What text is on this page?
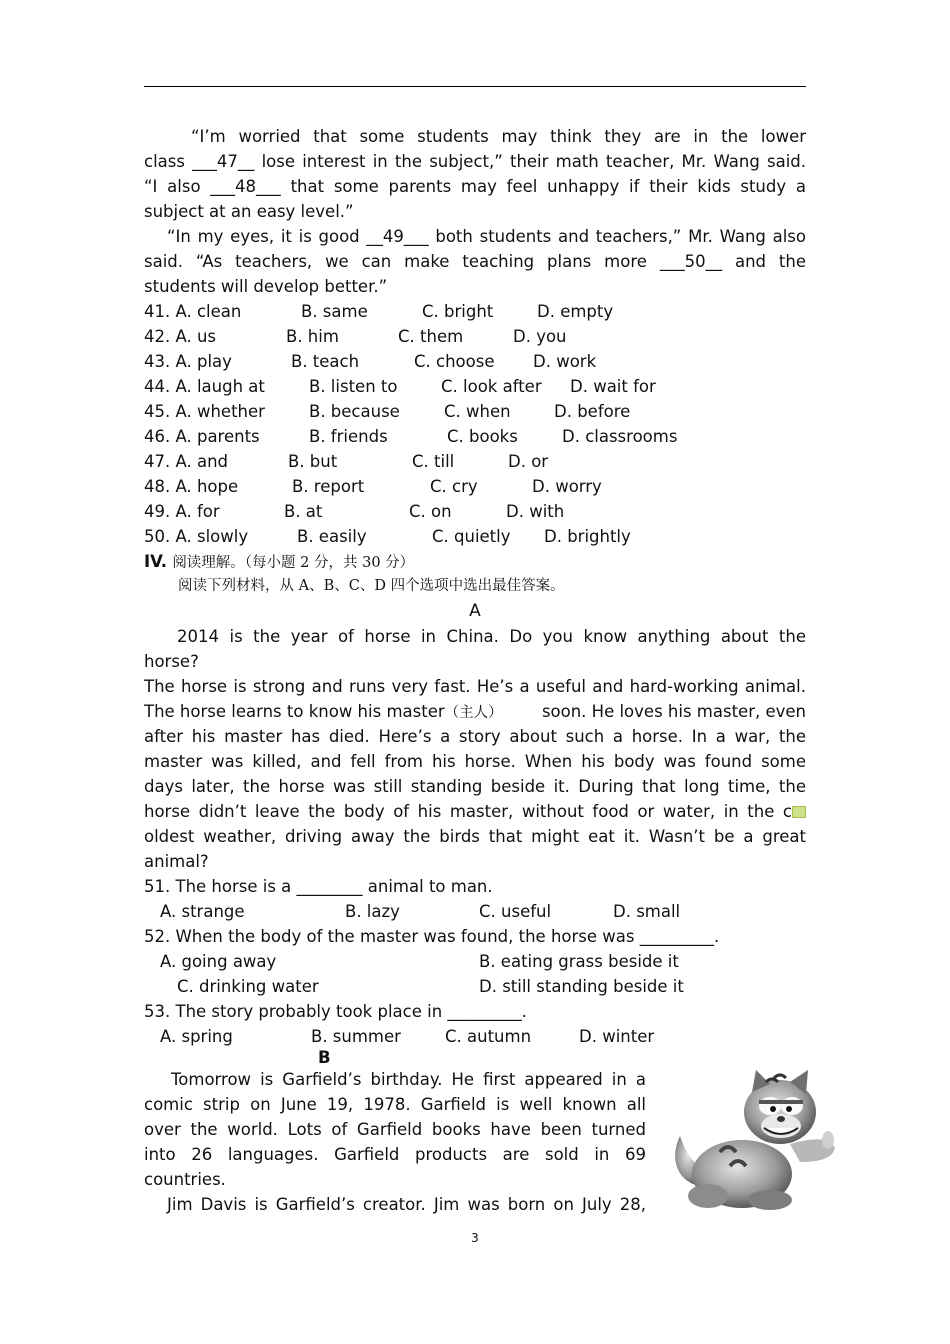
“I’m worried that some students may think they are in the lower
class ___47__ lose interest in the subject,” their math teacher, Mr. Wang said.
“I also ___48___ that some parents may feel unhappy if their kids study a
subject at an easy level.”
“In my eyes, it is good __49___ both students and teachers,” Mr. Wang also
said. “As teachers, we can make teaching plans more ___50__ and the
students will develop better.”
41. A. clean	B. same	C. bright	D. empty
42. A. us	B. him	C. them	D. you
43. A. play	B. teach	C. choose D. work
44. A. laugh at	B. listen to	C. look after D. wait for
45. A. whether	B. because	C. when	D. before
46. A. parents	B. friends	C. books	D. classrooms
47. A. and	B. but	C. till	D. or
48. A. hope	B. report	C. cry	D. worry
49. A. for	B. at	C. on	D. with
50. A. slowly	B. easily	C. quietly D. brightly
IV. 阅读理解。（每小题 2 分，共 30 分）
阅读下列材料，从 A、B、C、D 四个选项中选出最佳答案。
A
2014 is the year of horse in China. Do you know anything about the
horse?
The horse is strong and runs very fast. He’s a useful and hard-working animal.
The horse learns to know his master（主人） soon. He loves his master, even
after his master has died. Here’s a story about such a horse. In a war, the
master was killed, and fell from his horse. When his body was found some
days later, the horse was still standing beside it. During that long time, the
horse didn’t leave the body of his master, without food or water, in the c
oldest weather, driving away the birds that might eat it. Wasn’t be a great
animal?
51. The horse is a ________ animal to man.
A. strange	B. lazy	C. useful	D. small
52. When the body of the master was found, the horse was _________.
A. going away	B. eating grass beside it
C. drinking water	D. still standing beside it
53. The story probably took place in _________.
A. spring	B. summer	C. autumn	D. winter
B
Tomorrow is Garfield’s birthday. He first appeared in a
comic strip on June 19, 1978. Garfield is well known all
over the world. Lots of Garfield books have been turned
into 26 languages. Garfield products are sold in 69
countries.
Jim Davis is Garfield’s creator. Jim was born on July 28,
3
